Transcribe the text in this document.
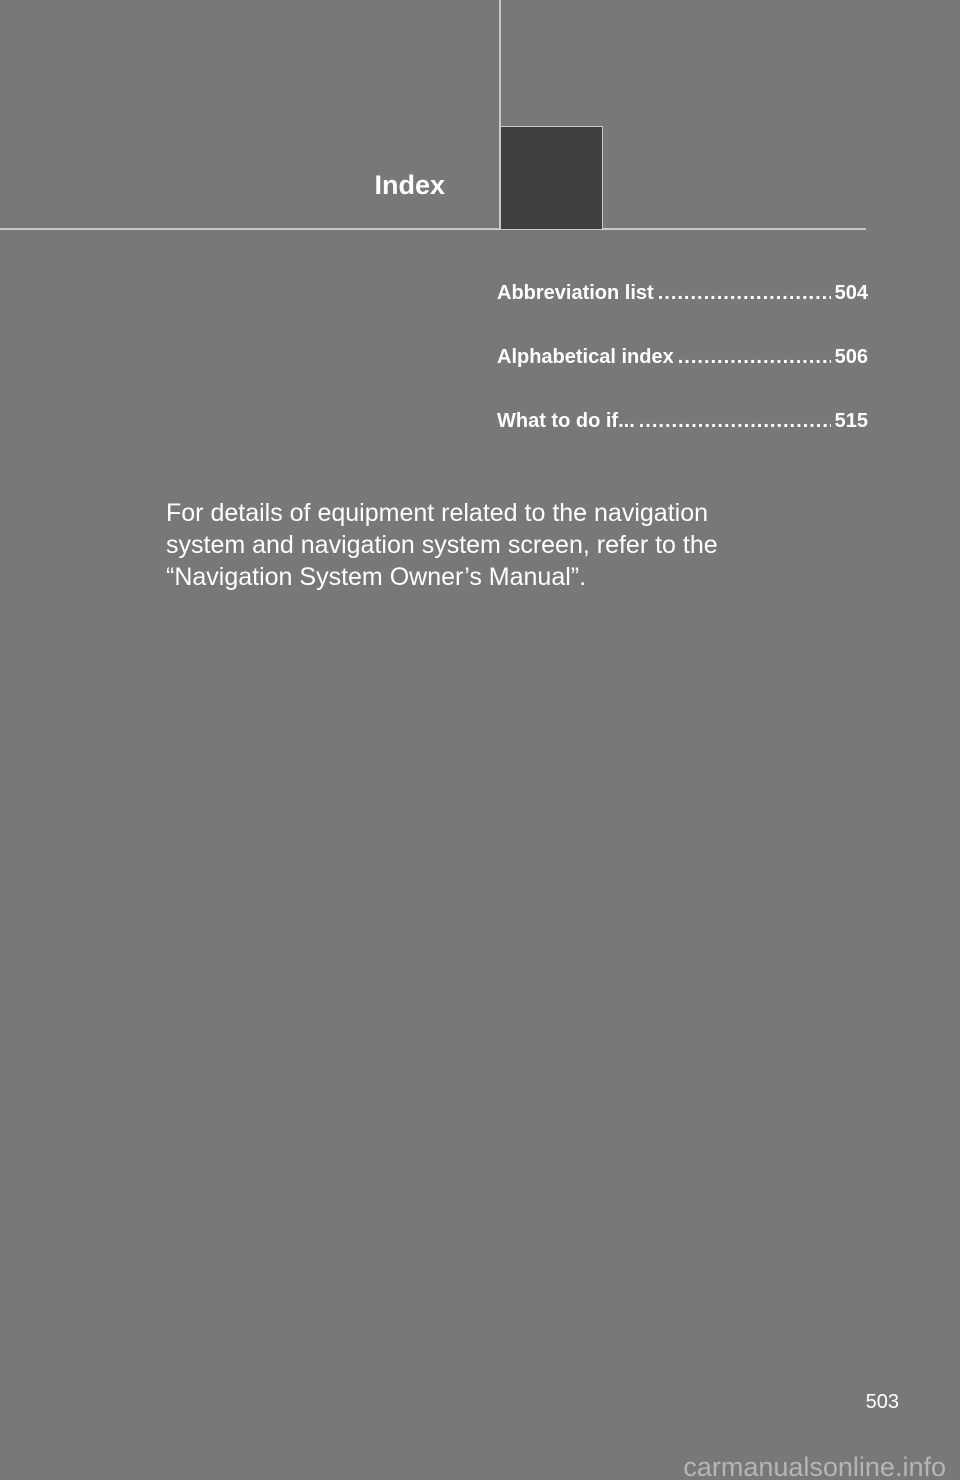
Index
Abbreviation list .....	504
Alphabetical index .....	506
What to do if... .....	515
For details of equipment related to the navigation
system and navigation system screen, refer to the
“Navigation System Owner’s Manual”.
503
carmanualsonline.info
